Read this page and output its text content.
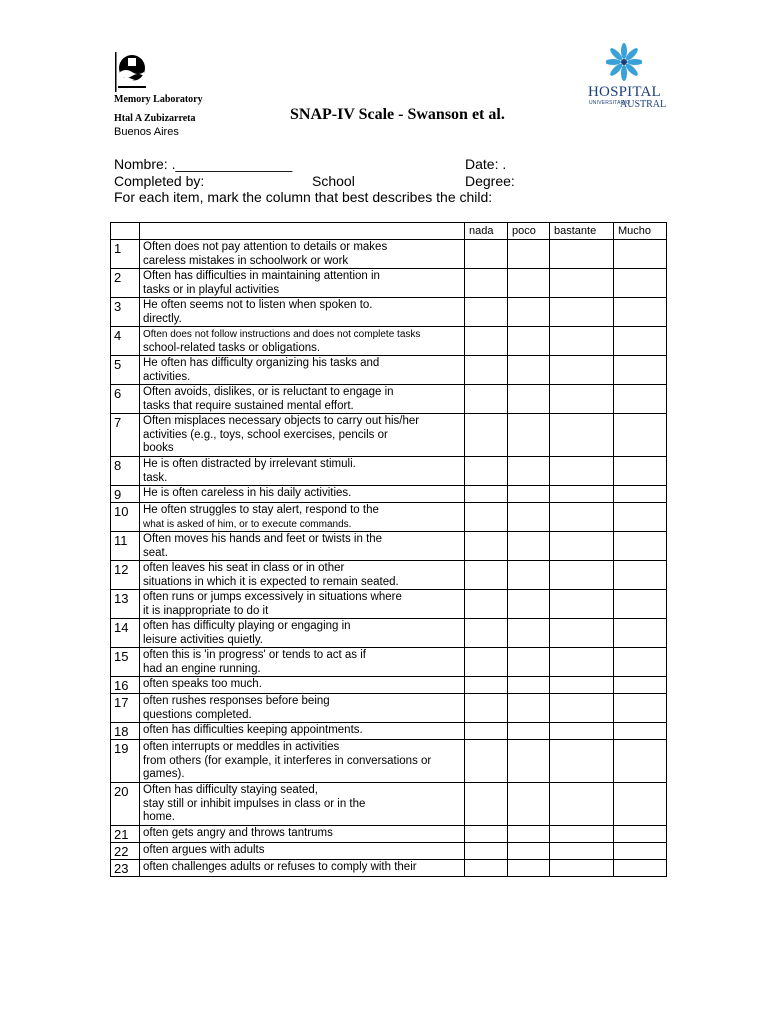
Memory Laboratory
Htal A Zubizarreta
Buenos Aires
SNAP-IV Scale - Swanson et al.
HOSPITAL
UNIVERSITARIO
AUSTRAL
Nombre: ._______________	Date: .
Completed by:	School	Degree:
For each item, mark the column that best describes the child:
		nada	poco	bastante	Mucho
1	Often does not pay attention to details or makes
careless mistakes in schoolwork or work				

2	Often has difficulties in maintaining attention in
tasks or in playful activities				

3	He often seems not to listen when spoken to.
directly.				

4	Often does not follow instructions and does not complete tasks
school-related tasks or obligations.				

5	He often has difficulty organizing his tasks and
activities.				

6	Often avoids, dislikes, or is reluctant to engage in
tasks that require sustained mental effort.				

7	Often misplaces necessary objects to carry out his/her
activities (e.g., toys, school exercises, pencils or
books				

8	He is often distracted by irrelevant stimuli.
task.				

9	He is often careless in his daily activities.				

10	He often struggles to stay alert, respond to the
what is asked of him, or to execute commands.				

11	Often moves his hands and feet or twists in the
seat.				

12	often leaves his seat in class or in other
situations in which it is expected to remain seated.				

13	often runs or jumps excessively in situations where
it is inappropriate to do it				

14	often has difficulty playing or engaging in
leisure activities quietly.				

15	often this is 'in progress' or tends to act as if
had an engine running.				

16	often speaks too much.				

17	often rushes responses before being
questions completed.				

18	often has difficulties keeping appointments.				

19	often interrupts or meddles in activities
from others (for example, it interferes in conversations or
games).				

20	Often has difficulty staying seated,
stay still or inhibit impulses in class or in the
home.				

21	often gets angry and throws tantrums				

22	often argues with adults				

23	often challenges adults or refuses to comply with their				
